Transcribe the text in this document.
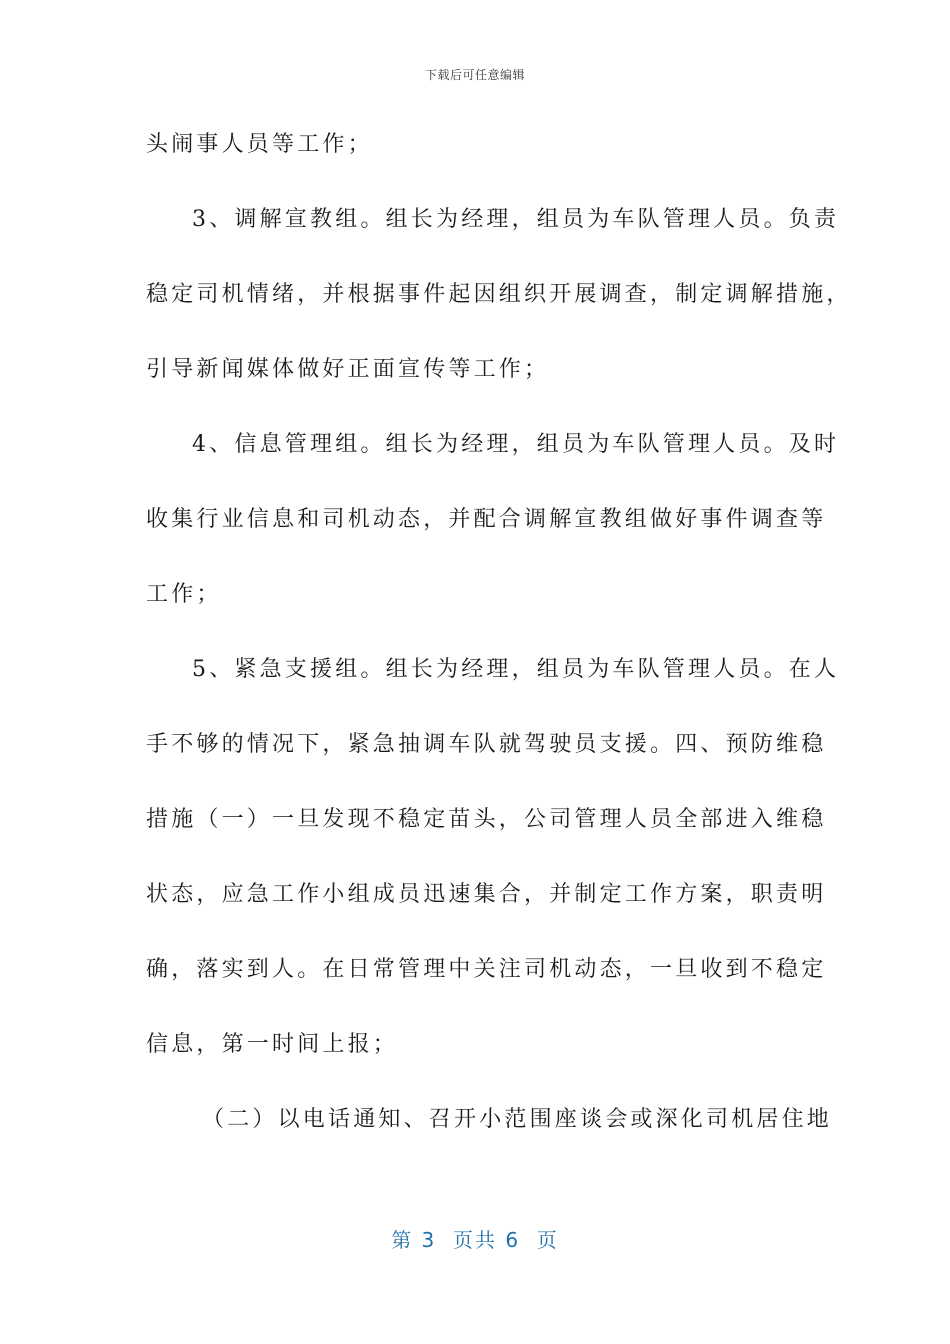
下载后可任意编辑
头闹事人员等工作；
3、调解宣教组。组长为经理，组员为车队管理人员。负责
稳定司机情绪，并根据事件起因组织开展调查，制定调解措施，
引导新闻媒体做好正面宣传等工作；
4、信息管理组。组长为经理，组员为车队管理人员。及时
收集行业信息和司机动态，并配合调解宣教组做好事件调查等
工作；
5、紧急支援组。组长为经理，组员为车队管理人员。在人
手不够的情况下，紧急抽调车队就驾驶员支援。四、预防维稳
措施（一）一旦发现不稳定苗头，公司管理人员全部进入维稳
状态，应急工作小组成员迅速集合，并制定工作方案，职责明
确，落实到人。在日常管理中关注司机动态，一旦收到不稳定
信息，第一时间上报；
（二）以电话通知、召开小范围座谈会或深化司机居住地
第 3  页共 6  页
